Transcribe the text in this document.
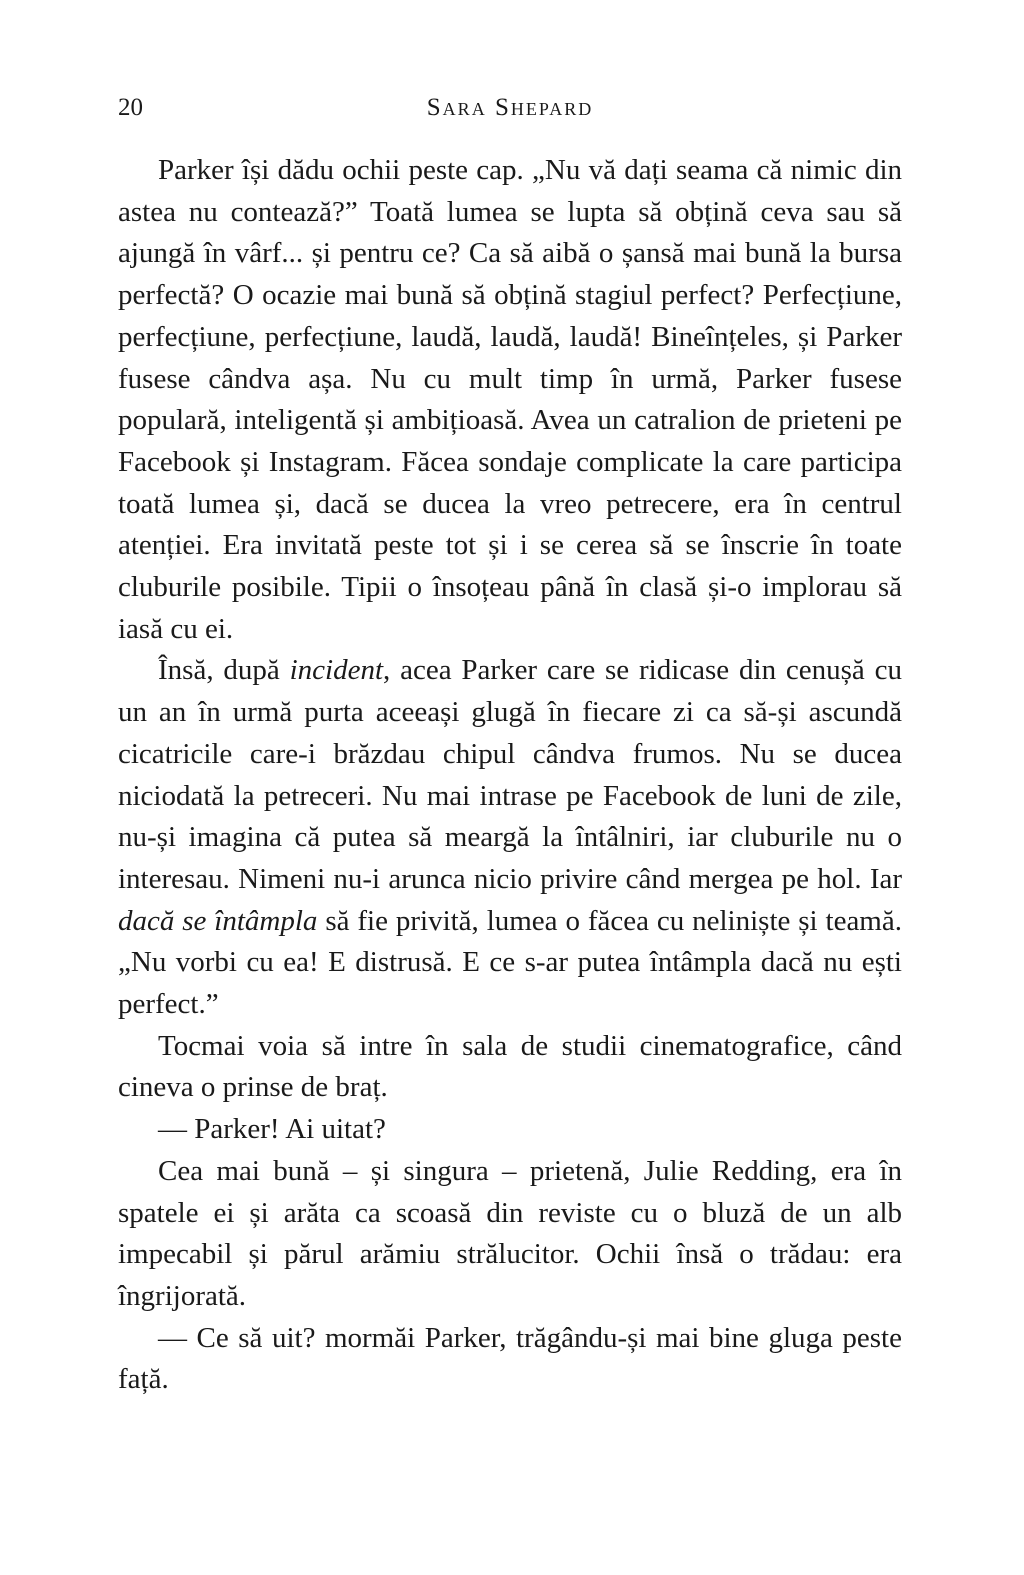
20	Sara Shepard

Parker își dădu ochii peste cap. „Nu vă dați seama că nimic din astea nu contează?” Toată lumea se lupta să obțină ceva sau să ajungă în vârf... și pentru ce? Ca să aibă o șansă mai bună la bursa perfectă? O ocazie mai bună să obțină stagiul perfect? Perfecțiune, perfecțiune, perfecțiune, laudă, laudă, laudă! Bineînțeles, și Parker fusese cândva așa. Nu cu mult timp în urmă, Parker fusese populară, inteligentă și ambițioasă. Avea un catralion de prieteni pe Facebook și Instagram. Făcea sondaje complicate la care participa toată lumea și, dacă se ducea la vreo petrecere, era în centrul atenției. Era invitată peste tot și i se cerea să se înscrie în toate cluburile posibile. Tipii o însoțeau până în clasă și-o implorau să iasă cu ei.

Însă, după incident, acea Parker care se ridicase din cenușă cu un an în urmă purta aceeași glugă în fiecare zi ca să-și ascundă cicatricile care-i brăzdau chipul cândva frumos. Nu se ducea niciodată la petreceri. Nu mai intrase pe Facebook de luni de zile, nu-și imagina că putea să meargă la întâlniri, iar cluburile nu o interesau. Nimeni nu-i arunca nicio privire când mergea pe hol. Iar dacă se întâmpla să fie privită, lumea o făcea cu neliniște și teamă. „Nu vorbi cu ea! E distrusă. E ce s-ar putea întâmpla dacă nu ești perfect.”

Tocmai voia să intre în sala de studii cinematografice, când cineva o prinse de braț.

— Parker! Ai uitat?

Cea mai bună – și singura – prietenă, Julie Redding, era în spatele ei și arăta ca scoasă din reviste cu o bluză de un alb impecabil și părul arămiu strălucitor. Ochii însă o trădau: era îngrijorată.

— Ce să uit? mormăi Parker, trăgându-și mai bine gluga peste față.
